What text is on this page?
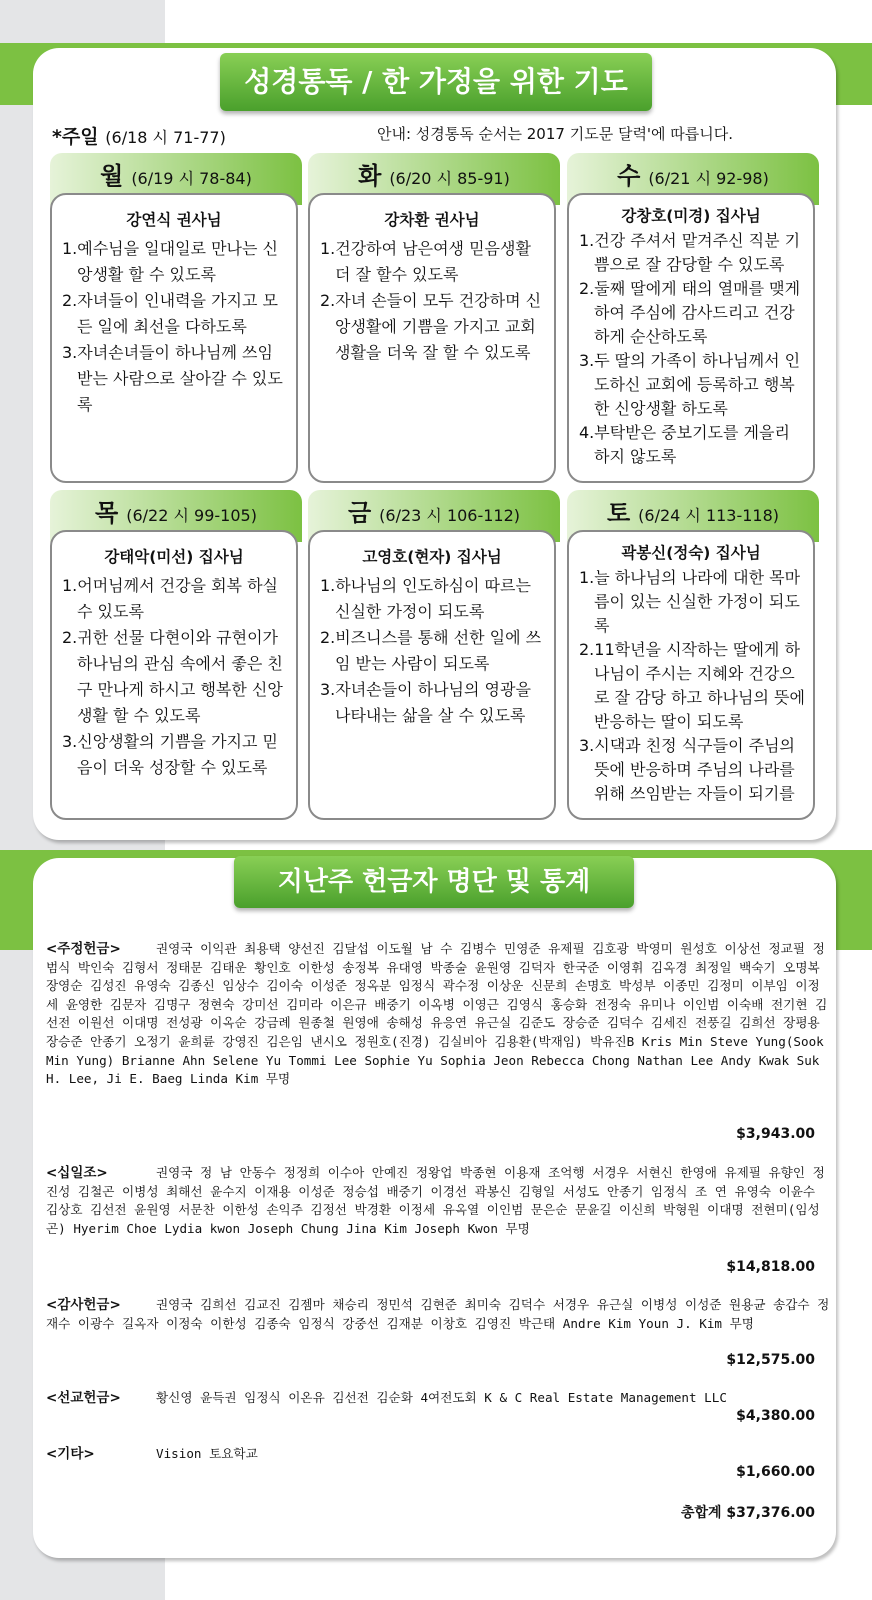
성경통독 / 한 가정을 위한 기도
*주일 (6/18 시 71-77)	안내: 성경통독 순서는 2017 기도문 달력'에 따릅니다.
월 (6/19 시 78-84)
강연식 권사님
1.예수님을 일대일로 만나는 신앙생활 할 수 있도록
2.자녀들이 인내력을 가지고 모든 일에 최선을 다하도록
3.자녀손녀들이 하나님께 쓰임 받는 사람으로 살아갈 수 있도록
화 (6/20 시 85-91)
강차환 권사님
1.건강하여 남은여생 믿음생활 더 잘 할수 있도록
2.자녀 손들이 모두 건강하며 신앙생활에 기쁨을 가지고 교회생활을 더욱 잘 할 수 있도록
수 (6/21 시 92-98)
강창호(미경) 집사님
1.건강 주셔서 맡겨주신 직분 기쁨으로 잘 감당할 수 있도록
2.둘째 딸에게 태의 열매를 맺게 하여 주심에 감사드리고 건강하게 순산하도록
3.두 딸의 가족이 하나님께서 인도하신 교회에 등록하고 행복한 신앙생활 하도록
4.부탁받은 중보기도를 게을리 하지 않도록
목 (6/22 시 99-105)
강태악(미선) 집사님
1.어머님께서 건강을 회복 하실 수 있도록
2.귀한 선물 다현이와 규현이가 하나님의 관심 속에서 좋은 친구 만나게 하시고 행복한 신앙생활 할 수 있도록
3.신앙생활의 기쁨을 가지고 믿음이 더욱 성장할 수 있도록
금 (6/23 시 106-112)
고영호(현자) 집사님
1.하나님의 인도하심이 따르는 신실한 가정이 되도록
2.비즈니스를 통해 선한 일에 쓰임 받는 사람이 되도록
3.자녀손들이 하나님의 영광을 나타내는 삶을 살 수 있도록
토 (6/24 시 113-118)
곽봉신(정숙) 집사님
1.늘 하나님의 나라에 대한 목마름이 있는 신실한 가정이 되도록
2.11학년을 시작하는 딸에게 하나님이 주시는 지혜와 건강으로 잘 감당 하고 하나님의 뜻에 반응하는 딸이 되도록
3.시댁과 친정 식구들이 주님의 뜻에 반응하며 주님의 나라를 위해 쓰임받는 자들이 되기를
지난주 헌금자 명단 및 통계
<주정헌금>	권영국 이익관 최용택 양선진 김달섭 이도월 남 수 김병수 민영준 유제필 김호광 박영미 원성호 이상선 정교필 정범식 박인숙 김형서 정태문 김태운 황인호 이한성 송정복 유대영 박종술 윤원영 김덕자 한국준 이영휘 김옥경 최정일 백숙기 오명복 장영순 김성진 유영숙 김종신 임상수 김이숙 이성준 정옥분 임정식 곽수정 이상운 신문희 손명호 박성부 이종민 김정미 이부임 이정세 윤영한 김문자 김명구 정현숙 강미선 김미라 이은규 배중기 이옥병 이영근 김영식 홍승화 전정숙 유미나 이인범 이숙배 전기현 김선전 이원선 이대명 전성광 이옥순 강금례 원종철 원영애 송해성 유응연 유근실 김준도 장승준 김덕수 김세진 전풍길 김희선 장평용 장승준 안종기 오정기 윤희륜 강영진 김은임 낸시오 정원호(진경) 김실비아 김용환(박재임) 박유진B Kris Min Steve Yung(Sook Min Yung) Brianne Ahn Selene Yu Tommi Lee Sophie Yu Sophia Jeon Rebecca Chong Nathan Lee Andy Kwak Suk H. Lee, Ji E. Baeg Linda Kim 무명
$3,943.00
<십일조>	권영국 정 남 안동수 정정희 이수아 안예진 정왕업 박종현 이용재 조억행 서경우 서현신 한영애 유제필 유향인 정진성 김철곤 이병성 최해선 윤수지 이재용 이성준 정승섭 배중기 이경선 곽봉신 김형일 서성도 안종기 임정식 조 연 유영숙 이윤수 김상호 김선전 윤원영 서문찬 이한성 손익주 김정선 박경환 이정세 유옥열 이인범 문은순 문윤길 이신희 박형원 이대명 전현미(임성곤) Hyerim Choe Lydia kwon Joseph Chung Jina Kim Joseph Kwon 무명
$14,818.00
<감사헌금>	권영국 김희선 김교진 김젬마 채승리 정민석 김현준 최미숙 김덕수 서경우 유근실 이병성 이성준 원용균 송갑수 정재수 이광수 길옥자 이정숙 이한성 김종숙 임정식 강중선 김재분 이창호 김영진 박근태 Andre Kim Youn J. Kim 무명
$12,575.00
<선교헌금>	황신영 윤득권 임정식 이온유 김선전 김순화 4여전도회 K & C Real Estate Management LLC
$4,380.00
<기타>	Vision 토요학교
$1,660.00
총합계 $37,376.00
